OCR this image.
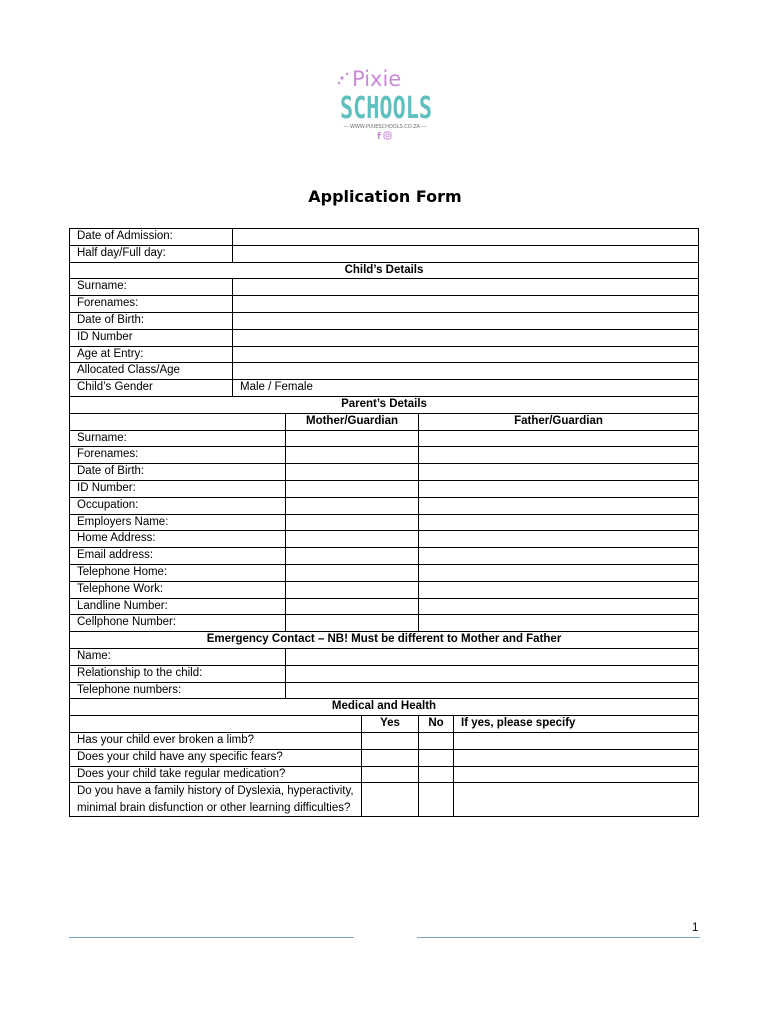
Pixie
SCHOOLS
— WWW.PIXIESCHOOLS.CO.ZA —
f
Application Form
Date of Admission:					
Half day/Full day:					
Child’s Details					
Surname:					
Forenames:					
Date of Birth:					
ID Number					
Age at Entry:					
Allocated Class/Age					
Child’s Gender	Male / Female				
Parent’s Details					
		Mother/Guardian		Father/Guardian	
Surname:					
Forenames:					
Date of Birth:					
ID Number:					
Occupation:					
Employers Name:					
Home Address:					
Email address:					
Telephone Home:					
Telephone Work:					
Landline Number:					
Cellphone Number:					
Emergency Contact – NB! Must be different to Mother and Father					
Name:					
Relationship to the child:					
Telephone numbers:					
Medical and Health					
			Yes	No	If yes, please specify
Has your child ever broken a limb?					
Does your child have any specific fears?					
Does your child take regular medication?					
Do you have a family history of Dyslexia, hyperactivity, minimal brain disfunction or other learning difficulties?					
1
